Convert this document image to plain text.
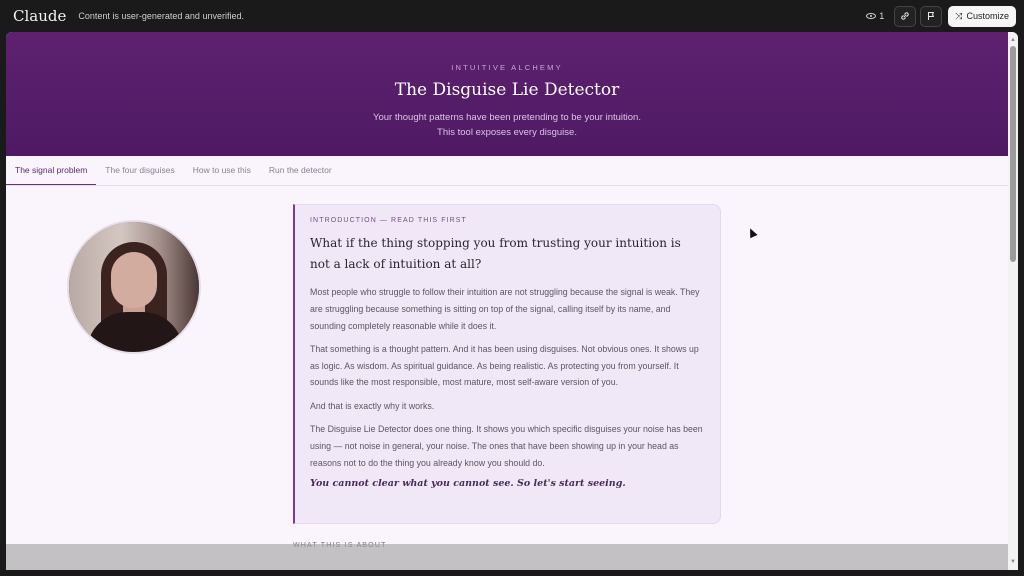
Claude Content is user-generated and unverified.	1	⤨ Customize
INTUITIVE ALCHEMY
The Disguise Lie Detector
Your thought patterns have been pretending to be your intuition.
This tool exposes every disguise.
The signal problem	The four disguises	How to use this	Run the detector
INTRODUCTION — READ THIS FIRST
What if the thing stopping you from trusting your intuition is not a lack of intuition at all?

Most people who struggle to follow their intuition are not struggling because the signal is weak. They are struggling because something is sitting on top of the signal, calling itself by its name, and sounding completely reasonable while it does it.

That something is a thought pattern. And it has been using disguises. Not obvious ones. It shows up as logic. As wisdom. As spiritual guidance. As being realistic. As protecting you from yourself. It sounds like the most responsible, most mature, most self-aware version of you.

And that is exactly why it works.

The Disguise Lie Detector does one thing. It shows you which specific disguises your noise has been using — not noise in general, your noise. The ones that have been showing up in your head as reasons not to do the thing you already know you should do.

You cannot clear what you cannot see. So let's start seeing.
▲
▼
